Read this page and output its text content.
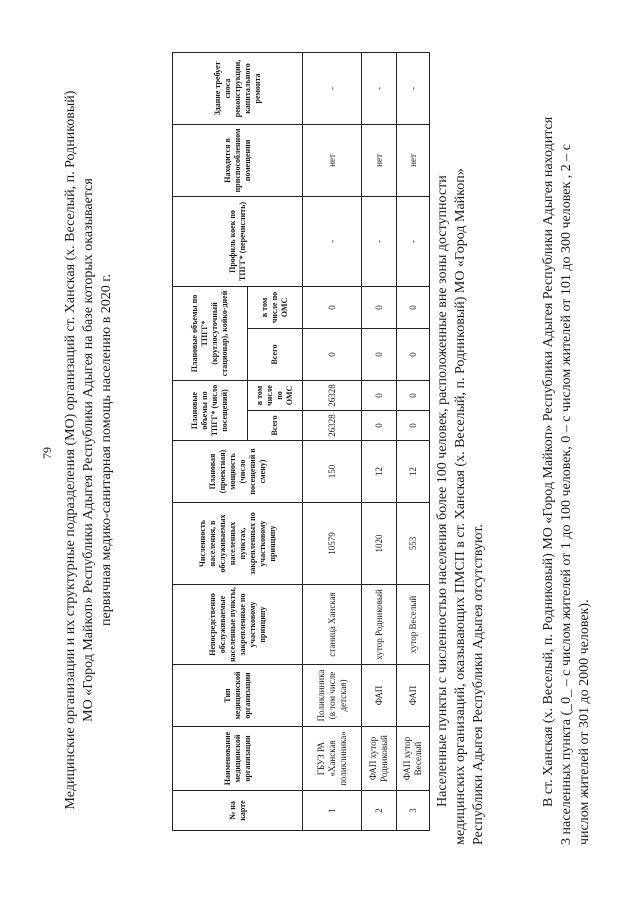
79 Медицинские организации и их структурные подразделения (МО) организаций ст. Ханская (х. Веселый, п. Родниковый) МО «Город Майкоп» Республики Адыгея Республики Адыгея на базе которых оказывается первичная медико-санитарная помощь населению в 2020 г.
№ на карте	Наименование медицинской организации	Тип медицинской организации	Непосредственно обслуживаемые населенные пункты, закрепленные по участковому принципу	Численность населения, в обслуживаемых населенных пунктах, закрепленных по участковому принципу	Плановая (проектная) мощность (число посещений в смену)	Плановые объемы по ТПГГ* (число посещений)		Плановые объемы по ТПГГ* (круглосуточный стационар), койко-дней		Профиль коек по ТПГГ* (перечислить)	Находится в приспособленном помещении	Здание требует сноса реконструкции, капитального ремонта
						Всего	в том числе по ОМС	Всего	в том числе по ОМС			
1	ГБУЗ РА «Ханская поликлиника»	Поликлиника (в том числе детская)	станица Ханская	10579	150	26328	26328	0	0	-	нет	-
2	ФАП хутор Родниковый	ФАП	хутор Родниковый	1020	12	0	0	0	0	-	нет	-
3	ФАП хутор Веселый	ФАП	хутор Веселый	553	12	0	0	0	0	-	нет	-
Населенные пункты с численностью населения более 100 человек, расположенные вне зоны доступности медицинских организаций, оказывающих ПМСП в ст. Ханская (х. Веселый, п. Родниковый) МО «Город Майкоп» Республики Адыгея Республики Адыгея отсутствуют.	В ст. Ханская (х. Веселый, п. Родниковый) МО «Город Майкоп» Республики Адыгея Республики Адыгея находится 3 населенных пункта (_0_ – с числом жителей от 1 до 100 человек, 0 – с числом жителей от 101 до 300 человек , 2 – с числом жителей от 301 до 2000 человек).
